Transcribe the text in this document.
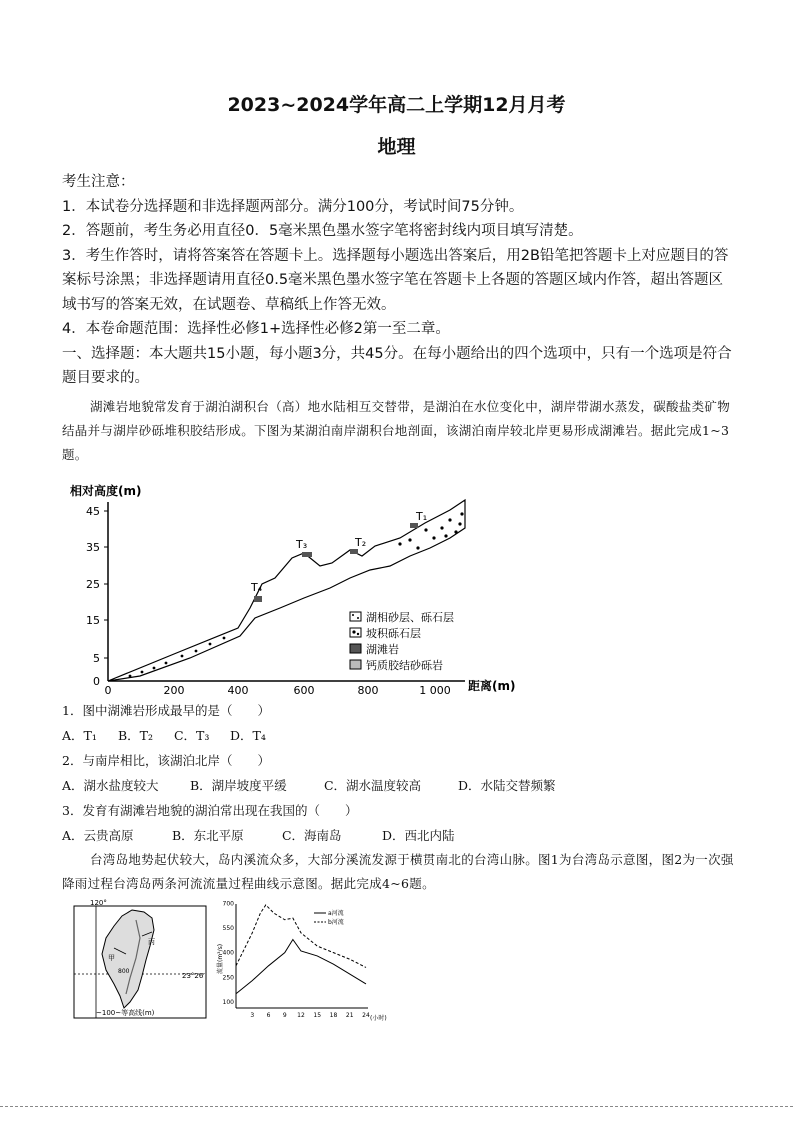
2023~2024学年高二上学期12月月考
地理

考生注意：

1．本试卷分选择题和非选择题两部分。满分100分，考试时间75分钟。

2．答题前，考生务必用直径0．5毫米黑色墨水签字笔将密封线内项目填写清楚。

3．考生作答时，请将答案答在答题卡上。选择题每小题选出答案后，用2B铅笔把答题卡上对应题目的答案标号涂黑；非选择题请用直径0.5毫米黑色墨水签字笔在答题卡上各题的答题区域内作答，超出答题区域书写的答案无效，在试题卷、草稿纸上作答无效。

4．本卷命题范围：选择性必修1+选择性必修2第一至二章。

一、选择题：本大题共15小题，每小题3分，共45分。在每小题给出的四个选项中，只有一个选项是符合题目要求的。

湖滩岩地貌常发育于湖泊湖积台（高）地水陆相互交替带，是湖泊在水位变化中，湖岸带湖水蒸发，碳酸盐类矿物结晶并与湖岸砂砾堆积胶结形成。下图为某湖泊南岸湖积台地剖面，该湖泊南岸较北岸更易形成湖滩岩。据此完成1~3题。
相对高度(m)
45
35
25
15
5
0
0	200	400	600	800	1 000 距离(m)
T₄
T₃	T₂
T₁
湖相砂层、砾石层
坡积砾石层
湖滩岩
钙质胶结砂砾岩

1．图中湖滩岩形成最早的是（　　）

A．T₁ B．T₂ C．T₃ D．T₄

2．与南岸相比，该湖泊北岸（　　）

A．湖水盐度较大	B．湖岸坡度平缓	C．湖水温度较高	D．水陆交替频繁

3．发育有湖滩岩地貌的湖泊常出现在我国的（　　）

A．云贵高原	B．东北平原	C．海南岛	D．西北内陆

台湾岛地势起伏较大，岛内溪流众多，大部分溪流发源于横贯南北的台湾山脉。图1为台湾岛示意图，图2为一次强降雨过程台湾岛两条河流流量过程曲线示意图。据此完成4~6题。
120°
23°26′
甲
丙
800
~100~等高线(m)
流量(m³/s)
100
250
400
550
700
3 6 9 12 15 18 21 24 (小时)
a河流
b河流
